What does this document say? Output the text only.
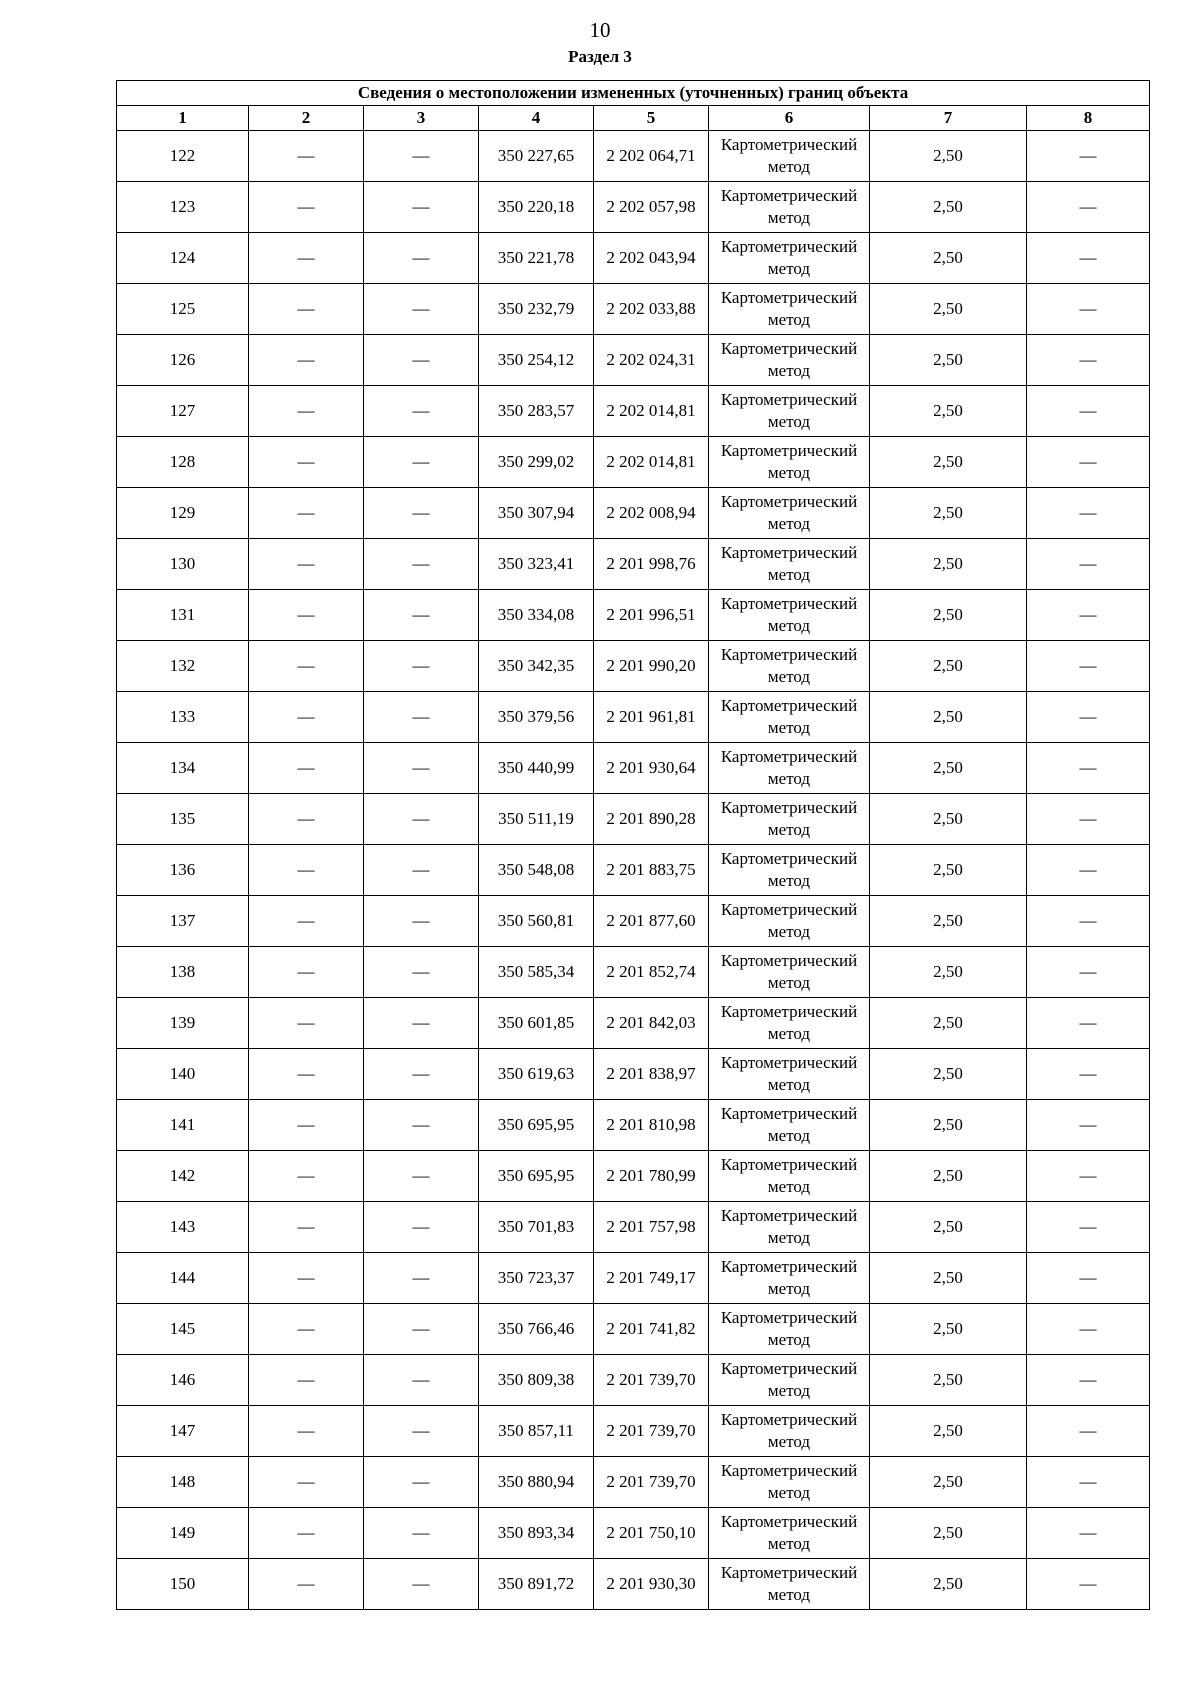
10
Раздел 3
Сведения о местоположении измененных (уточненных) границ объекта							
1	2	3	4	5	6	7	8
122	—	—	350 227,65	2 202 064,71	Картометрический метод	2,50	—
123	—	—	350 220,18	2 202 057,98	Картометрический метод	2,50	—
124	—	—	350 221,78	2 202 043,94	Картометрический метод	2,50	—
125	—	—	350 232,79	2 202 033,88	Картометрический метод	2,50	—
126	—	—	350 254,12	2 202 024,31	Картометрический метод	2,50	—
127	—	—	350 283,57	2 202 014,81	Картометрический метод	2,50	—
128	—	—	350 299,02	2 202 014,81	Картометрический метод	2,50	—
129	—	—	350 307,94	2 202 008,94	Картометрический метод	2,50	—
130	—	—	350 323,41	2 201 998,76	Картометрический метод	2,50	—
131	—	—	350 334,08	2 201 996,51	Картометрический метод	2,50	—
132	—	—	350 342,35	2 201 990,20	Картометрический метод	2,50	—
133	—	—	350 379,56	2 201 961,81	Картометрический метод	2,50	—
134	—	—	350 440,99	2 201 930,64	Картометрический метод	2,50	—
135	—	—	350 511,19	2 201 890,28	Картометрический метод	2,50	—
136	—	—	350 548,08	2 201 883,75	Картометрический метод	2,50	—
137	—	—	350 560,81	2 201 877,60	Картометрический метод	2,50	—
138	—	—	350 585,34	2 201 852,74	Картометрический метод	2,50	—
139	—	—	350 601,85	2 201 842,03	Картометрический метод	2,50	—
140	—	—	350 619,63	2 201 838,97	Картометрический метод	2,50	—
141	—	—	350 695,95	2 201 810,98	Картометрический метод	2,50	—
142	—	—	350 695,95	2 201 780,99	Картометрический метод	2,50	—
143	—	—	350 701,83	2 201 757,98	Картометрический метод	2,50	—
144	—	—	350 723,37	2 201 749,17	Картометрический метод	2,50	—
145	—	—	350 766,46	2 201 741,82	Картометрический метод	2,50	—
146	—	—	350 809,38	2 201 739,70	Картометрический метод	2,50	—
147	—	—	350 857,11	2 201 739,70	Картометрический метод	2,50	—
148	—	—	350 880,94	2 201 739,70	Картометрический метод	2,50	—
149	—	—	350 893,34	2 201 750,10	Картометрический метод	2,50	—
150	—	—	350 891,72	2 201 930,30	Картометрический метод	2,50	—
